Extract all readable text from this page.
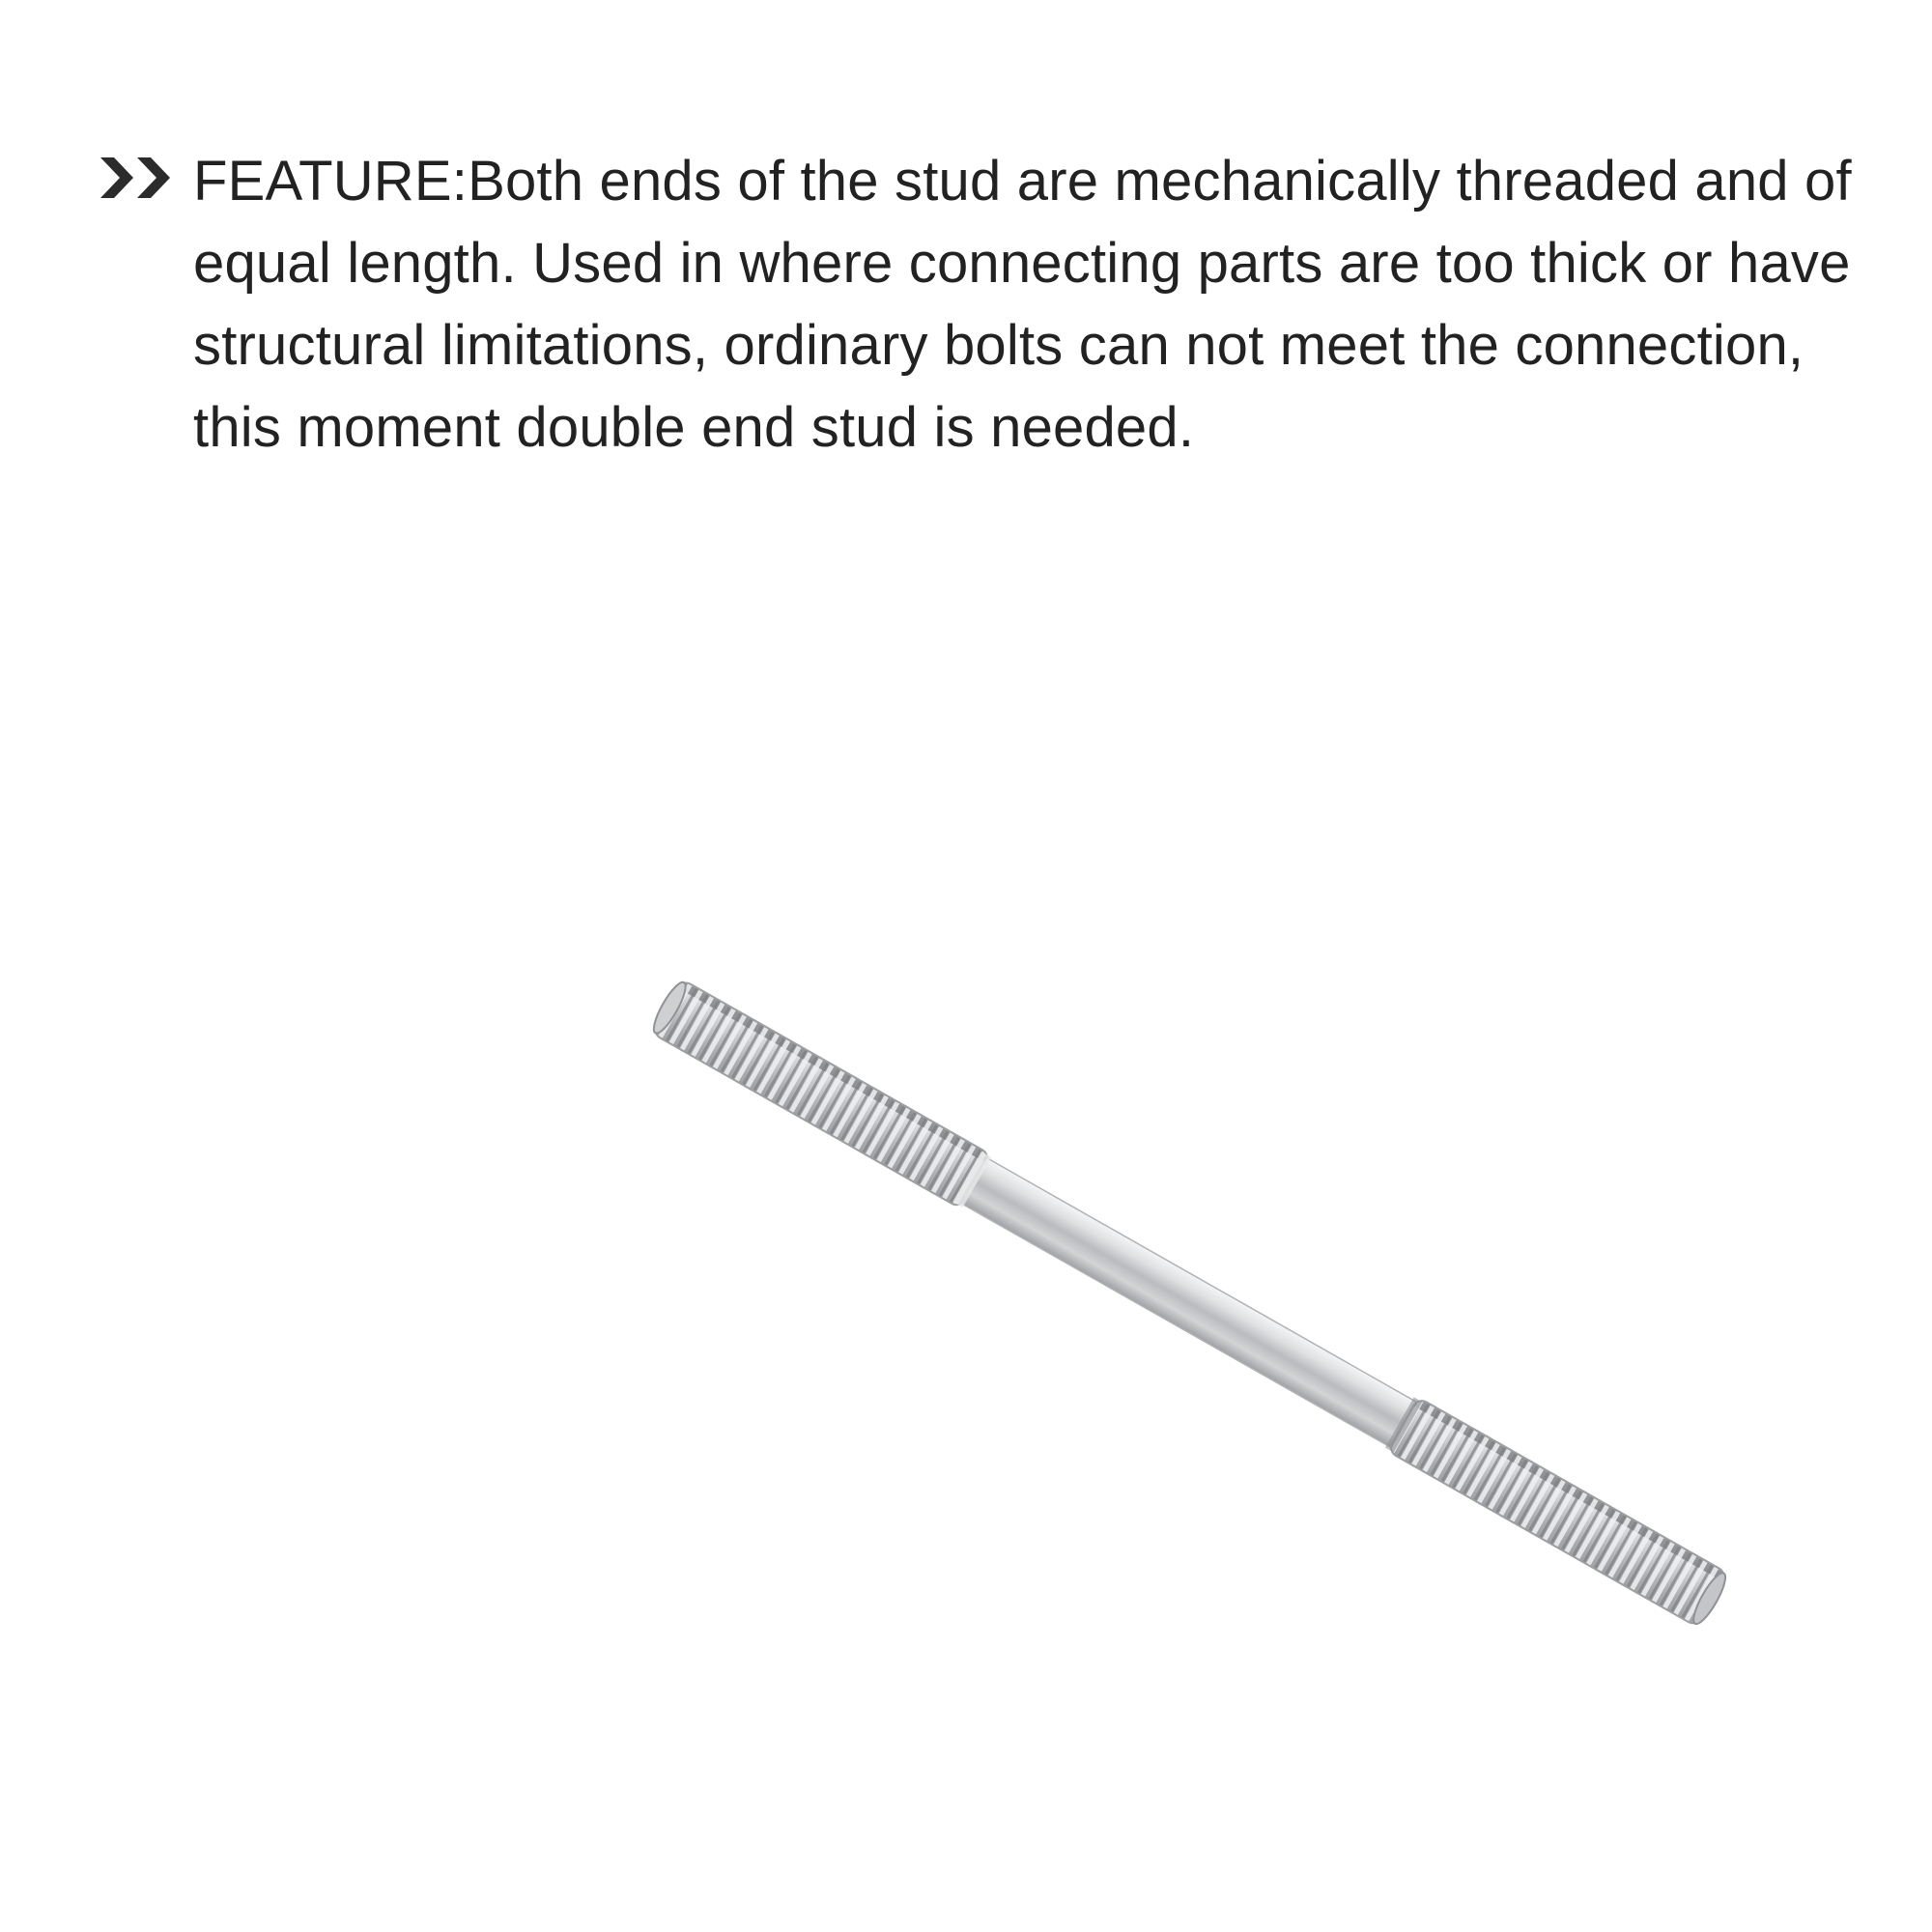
FEATURE:Both ends of the stud are mechanically threaded and of equal length. Used in where connecting parts are too thick or have structural limitations, ordinary bolts can not meet the connection, this moment double end stud is needed.
